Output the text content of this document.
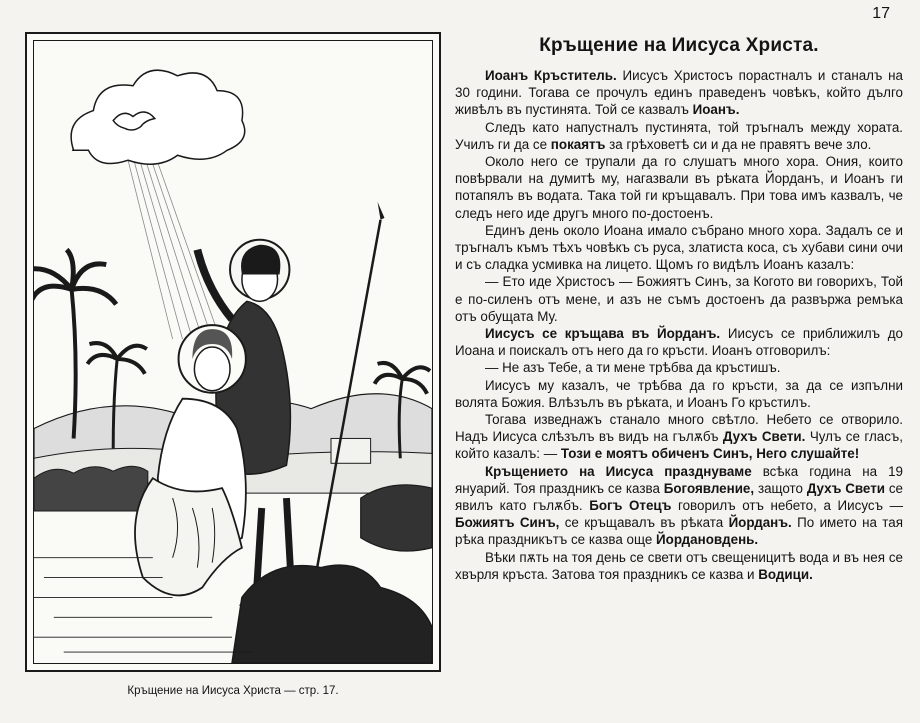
17
Кръщение на Иисуса Христа — стр. 17.
Кръщение на Иисуса Христа.

Иоанъ Кръститель. Иисусъ Христосъ порастналъ и станалъ на 30 години. Тогава се прочулъ единъ праведенъ човѣкъ, който дълго живѣлъ въ пустинята. Той се казвалъ Иоанъ.

Следъ като напустналъ пустинята, той тръгналъ между хората. Училъ ги да се покаятъ за грѣховетѣ си и да не правятъ вече зло.

Около него се трупали да го слушатъ много хора. Ония, които повѣрвали на думитѣ му, нагазвали въ рѣката Йорданъ, и Иоанъ ги потапялъ въ водата. Така той ги кръщавалъ. При това имъ казвалъ, че следъ него иде другъ много по-достоенъ.

Единъ день около Иоана имало събрано много хора. Задалъ се и тръгналъ къмъ тѣхъ човѣкъ съ руса, златиста коса, съ хубави сини очи и съ сладка усмивка на лицето. Щомъ го видѣлъ Иоанъ казалъ:

— Ето иде Христосъ — Божиятъ Синъ, за Когото ви говорихъ, Той е по-силенъ отъ мене, и азъ не съмъ достоенъ да развържа ремъка отъ обущата Му.

Иисусъ се кръщава въ Йорданъ. Иисусъ се приближилъ до Иоана и поискалъ отъ него да го кръсти. Иоанъ отговорилъ:

— Не азъ Тебе, а ти мене трѣбва да кръстишъ.

Иисусъ му казалъ, че трѣбва да го кръсти, за да се изпълни волята Божия. Влѣзълъ въ рѣката, и Иоанъ Го кръстилъ.

Тогава изведнажъ станало много свѣтло. Небето се отворило. Надъ Иисуса слѣзълъ въ видъ на гълѫбъ Духъ Свети. Чулъ се гласъ, който казалъ: — Този е моятъ обиченъ Синъ, Него слушайте!

Кръщението на Иисуса празднуваме всѣка година на 19 януарий. Тоя праздникъ се казва Богоявление, защото Духъ Свети се явилъ като гълѫбъ. Богъ Отецъ говорилъ отъ небето, а Иисусъ — Божиятъ Синъ, се кръщавалъ въ рѣката Йорданъ. По името на тая рѣка праздникътъ се казва още Йордановдень.

Вѣки пѫть на тоя день се свети отъ свещеницитѣ вода и въ нея се хвърля кръста. Затова тоя праздникъ се казва и Водици.
